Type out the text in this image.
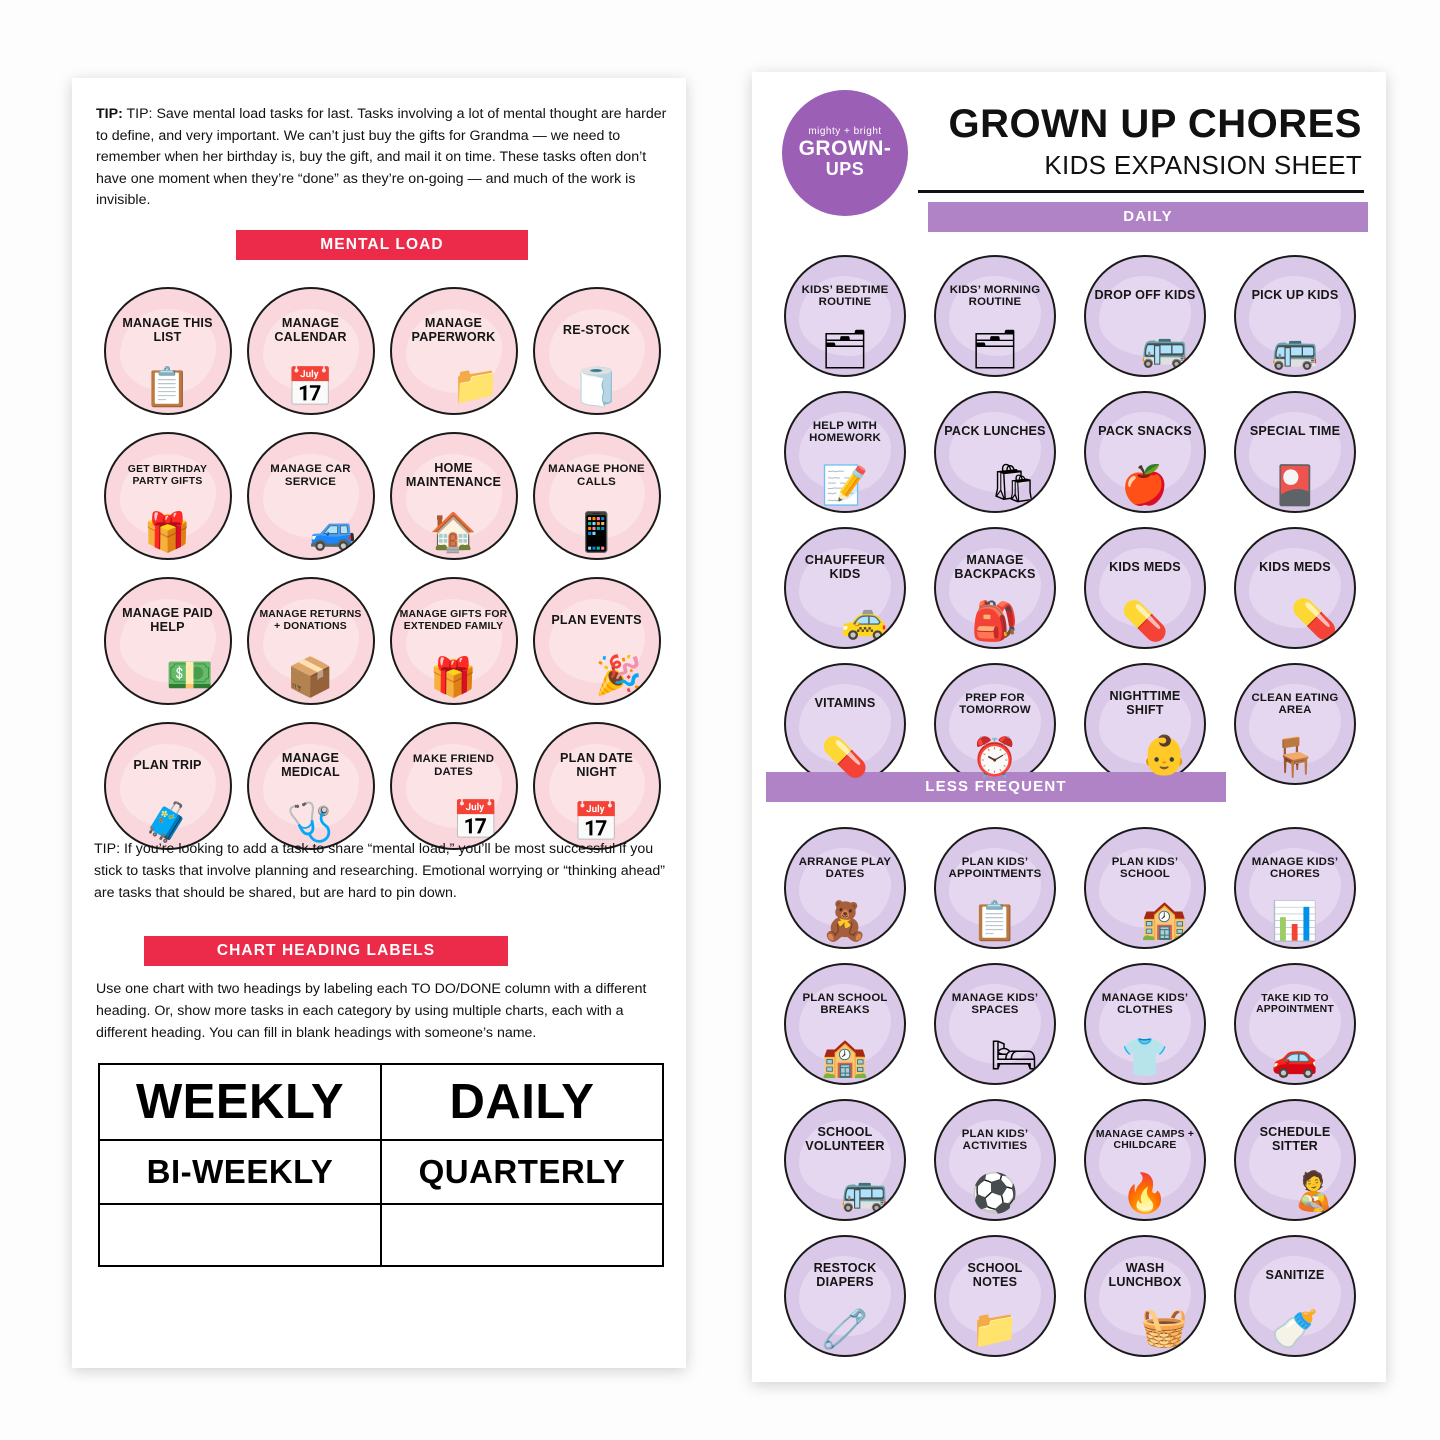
TIP: TIP: Save mental load tasks for last. Tasks involving a lot of mental thought are harder to define, and very important. We can’t just buy the gifts for Grandma — we need to remember when her birthday is, buy the gift, and mail it on time. These tasks often don’t have one moment when they’re “done” as they’re on-going — and much of the work is invisible.
MENTAL LOAD
📋
MANAGE THIS LIST
📅
MANAGE CALENDAR
📁
MANAGE PAPERWORK
🧻
RE-STOCK
🎁
GET BIRTHDAY PARTY GIFTS
🚙
MANAGE CAR SERVICE
🏠
HOME MAINTENANCE
📱
MANAGE PHONE CALLS
💵
MANAGE PAID HELP
📦
MANAGE RETURNS + DONATIONS
🎁
MANAGE GIFTS FOR EXTENDED FAMILY
🎉
PLAN EVENTS
🧳
PLAN TRIP
🩺
MANAGE MEDICAL
📅
MAKE FRIEND DATES
📅
PLAN DATE NIGHT
TIP: If you’re looking to add a task to share “mental load,” you’ll be most successful if you stick to tasks that involve planning and researching. Emotional worrying or “thinking ahead” are tasks that should be shared, but are hard to pin down.
CHART HEADING LABELS
Use one chart with two headings by labeling each TO DO/DONE column with a different heading. Or, show more tasks in each category by using multiple charts, each with a different heading. You can fill in blank headings with someone’s name.
WEEKLY	DAILY
BI-WEEKLY	QUARTERLY

mighty + bright
GROWN-
UPS
GROWN UP CHORES
KIDS EXPANSION SHEET
DAILY
🗂
KIDS’ BEDTIME ROUTINE
🗂
KIDS’ MORNING ROUTINE
🚌
DROP OFF KIDS
🚌
PICK UP KIDS
📝
HELP WITH HOMEWORK
🛍
PACK LUNCHES
🍎
PACK SNACKS
🎴
SPECIAL TIME
🚕
CHAUFFEUR KIDS
🎒
MANAGE BACKPACKS
💊
KIDS MEDS
💊
KIDS MEDS
💊
VITAMINS
⏰
PREP FOR TOMORROW
👶
NIGHTTIME SHIFT
🪑
CLEAN EATING AREA
LESS FREQUENT
🧸
ARRANGE PLAY DATES
📋
PLAN KIDS’ APPOINTMENTS
🏫
PLAN KIDS’ SCHOOL
📊
MANAGE KIDS’ CHORES
🏫
PLAN SCHOOL BREAKS
🛏
MANAGE KIDS’ SPACES
👕
MANAGE KIDS’ CLOTHES
🚗
TAKE KID TO APPOINTMENT
🚌
SCHOOL VOLUNTEER
⚽
PLAN KIDS’ ACTIVITIES
🔥
MANAGE CAMPS + CHILDCARE
🧑‍🍼
SCHEDULE SITTER
🧷
RESTOCK DIAPERS
📁
SCHOOL NOTES
🧺
WASH LUNCHBOX
🍼
SANITIZE
